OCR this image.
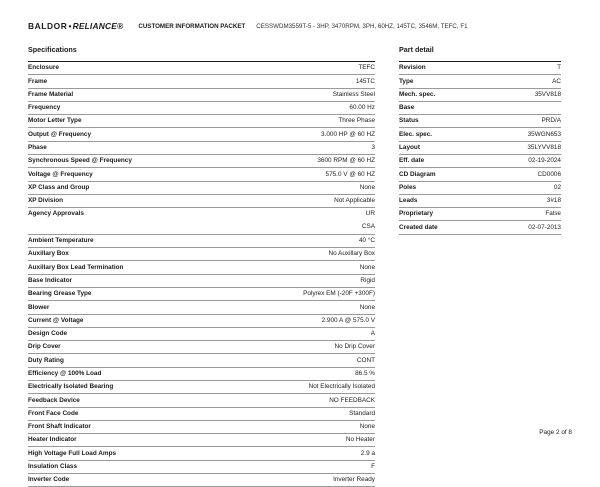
BALDOR•RELIANCE® CUSTOMER INFORMATION PACKET CESSWDM3559T-5 - 3HP, 3470RPM, 3PH, 60HZ, 145TC, 3546M, TEFC, F1
Specifications
Enclosure	TEFC
Frame	145TC
Frame Material	Stainless Steel
Frequency	60.00 Hz
Motor Letter Type	Three Phase
Output @ Frequency	3.000 HP @ 60 HZ
Phase	3
Synchronous Speed @ Frequency	3600 RPM @ 60 HZ
Voltage @ Frequency	575.0 V @ 60 HZ
XP Class and Group	None
XP Division	Not Applicable
Agency Approvals	UR
CSA
Ambient Temperature	40 °C
Auxillary Box	No Auxillary Box
Auxillary Box Lead Termination	None
Base Indicator	Rigid
Bearing Grease Type	Polyrex EM (-20F +300F)
Blower	None
Current @ Voltage	2.900 A @ 575.0 V
Design Code	A
Drip Cover	No Drip Cover
Duty Rating	CONT
Efficiency @ 100% Load	86.5 %
Electrically Isolated Bearing	Not Electrically Isolated
Feedback Device	NO FEEDBACK
Front Face Code	Standard
Front Shaft Indicator	None
Heater Indicator	No Heater
High Voltage Full Load Amps	2.9 a
Insulation Class	F
Inverter Code	Inverter Ready
Part detail
Revision	T
Type	AC
Mech. spec.	35VV818
Base
Status	PRD/A
Elec. spec.	35WGN653
Layout	35LYVV818
Eff. date	02-19-2024
CD Diagram	CD0006
Poles	02
Leads	3#18
Proprietary	False
Created date	02-07-2013
Page 2 of 8
